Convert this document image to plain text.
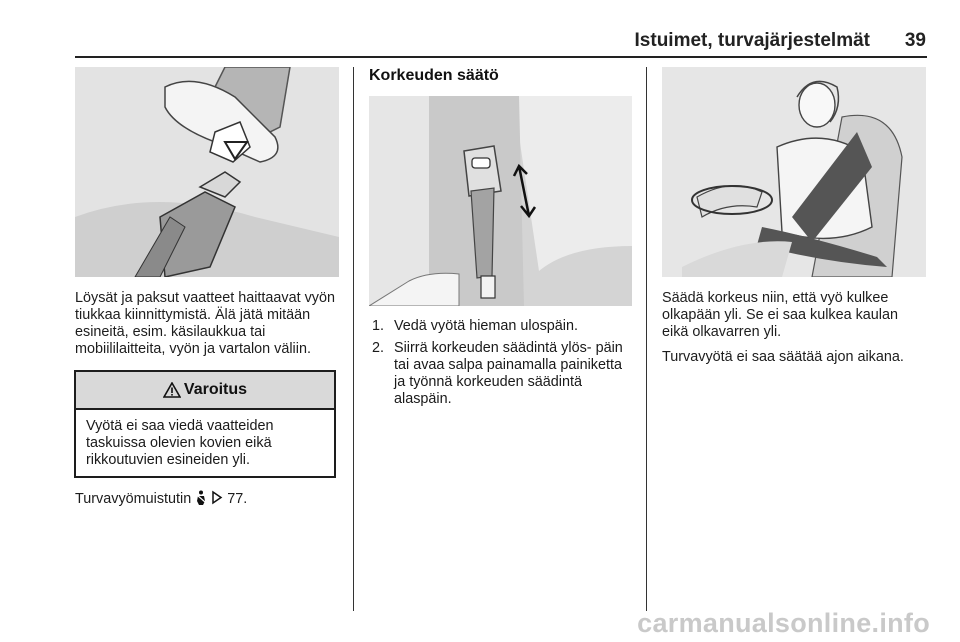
Istuimet, turvajärjestelmät	39

Löysät ja paksut vaatteet haittaavat vyön tiukkaa kiinnittymistä. Älä jätä mitään esineitä, esim. käsilaukkua tai mobiililaitteita, vyön ja vartalon väliin.

Varoitus
Vyötä ei saa viedä vaatteiden taskuissa olevien kovien eikä rikkoutuvien esineiden yli.
Turvavyömuistutin	77.
Korkeuden säätö
1. Vedä vyötä hieman ulospäin.
2. Siirrä korkeuden säädintä ylös- päin tai avaa salpa painamalla painiketta ja työnnä korkeuden säädintä alaspäin.

Säädä korkeus niin, että vyö kulkee olkapään yli. Se ei saa kulkea kaulan eikä olkavarren yli.

Turvavyötä ei saa säätää ajon aikana.

carmanualsonline.info
